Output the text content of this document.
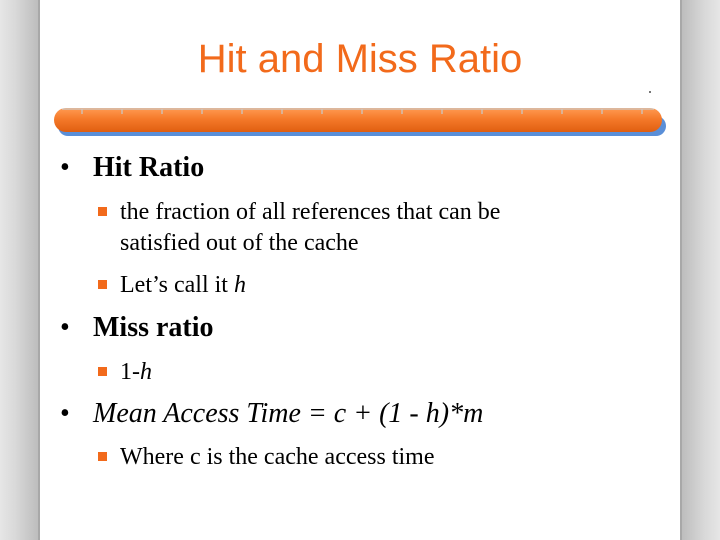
Hit and Miss Ratio
• Hit Ratio
the fraction of all references that can be
satisfied out of the cache
Let’s call it h
• Miss ratio
1-h
• Mean Access Time = c + (1 - h)*m
Where c is the cache access time
